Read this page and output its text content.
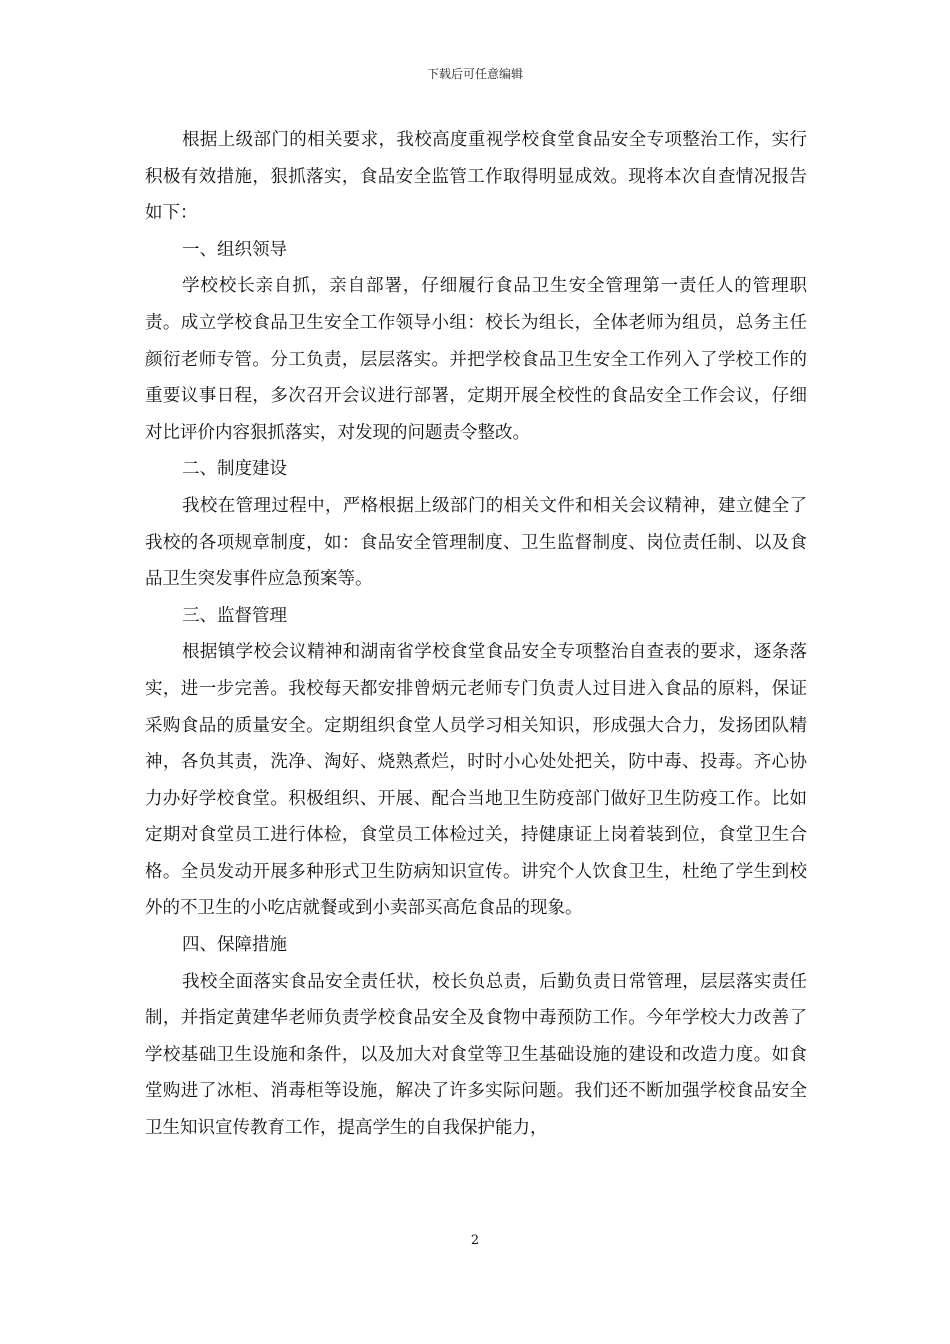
下载后可任意编辑

根据上级部门的相关要求，我校高度重视学校食堂食品安全专项整治工作，实行积极有效措施，狠抓落实，食品安全监管工作取得明显成效。现将本次自查情况报告如下：

一、组织领导

学校校长亲自抓，亲自部署，仔细履行食品卫生安全管理第一责任人的管理职责。成立学校食品卫生安全工作领导小组：校长为组长，全体老师为组员，总务主任颜衍老师专管。分工负责，层层落实。并把学校食品卫生安全工作列入了学校工作的重要议事日程，多次召开会议进行部署，定期开展全校性的食品安全工作会议，仔细对比评价内容狠抓落实，对发现的问题责令整改。

二、制度建设

我校在管理过程中，严格根据上级部门的相关文件和相关会议精神，建立健全了我校的各项规章制度，如：食品安全管理制度、卫生监督制度、岗位责任制、以及食品卫生突发事件应急预案等。

三、监督管理

根据镇学校会议精神和湖南省学校食堂食品安全专项整治自查表的要求，逐条落实，进一步完善。我校每天都安排曾炳元老师专门负责人过目进入食品的原料，保证采购食品的质量安全。定期组织食堂人员学习相关知识，形成强大合力，发扬团队精神，各负其责，洗净、淘好、烧熟煮烂，时时小心处处把关，防中毒、投毒。齐心协力办好学校食堂。积极组织、开展、配合当地卫生防疫部门做好卫生防疫工作。比如定期对食堂员工进行体检，食堂员工体检过关，持健康证上岗着装到位，食堂卫生合格。全员发动开展多种形式卫生防病知识宣传。讲究个人饮食卫生，杜绝了学生到校外的不卫生的小吃店就餐或到小卖部买高危食品的现象。

四、保障措施

我校全面落实食品安全责任状，校长负总责，后勤负责日常管理，层层落实责任制，并指定黄建华老师负责学校食品安全及食物中毒预防工作。今年学校大力改善了学校基础卫生设施和条件，以及加大对食堂等卫生基础设施的建设和改造力度。如食堂购进了冰柜、消毒柜等设施，解决了许多实际问题。我们还不断加强学校食品安全卫生知识宣传教育工作，提高学生的自我保护能力，

2
